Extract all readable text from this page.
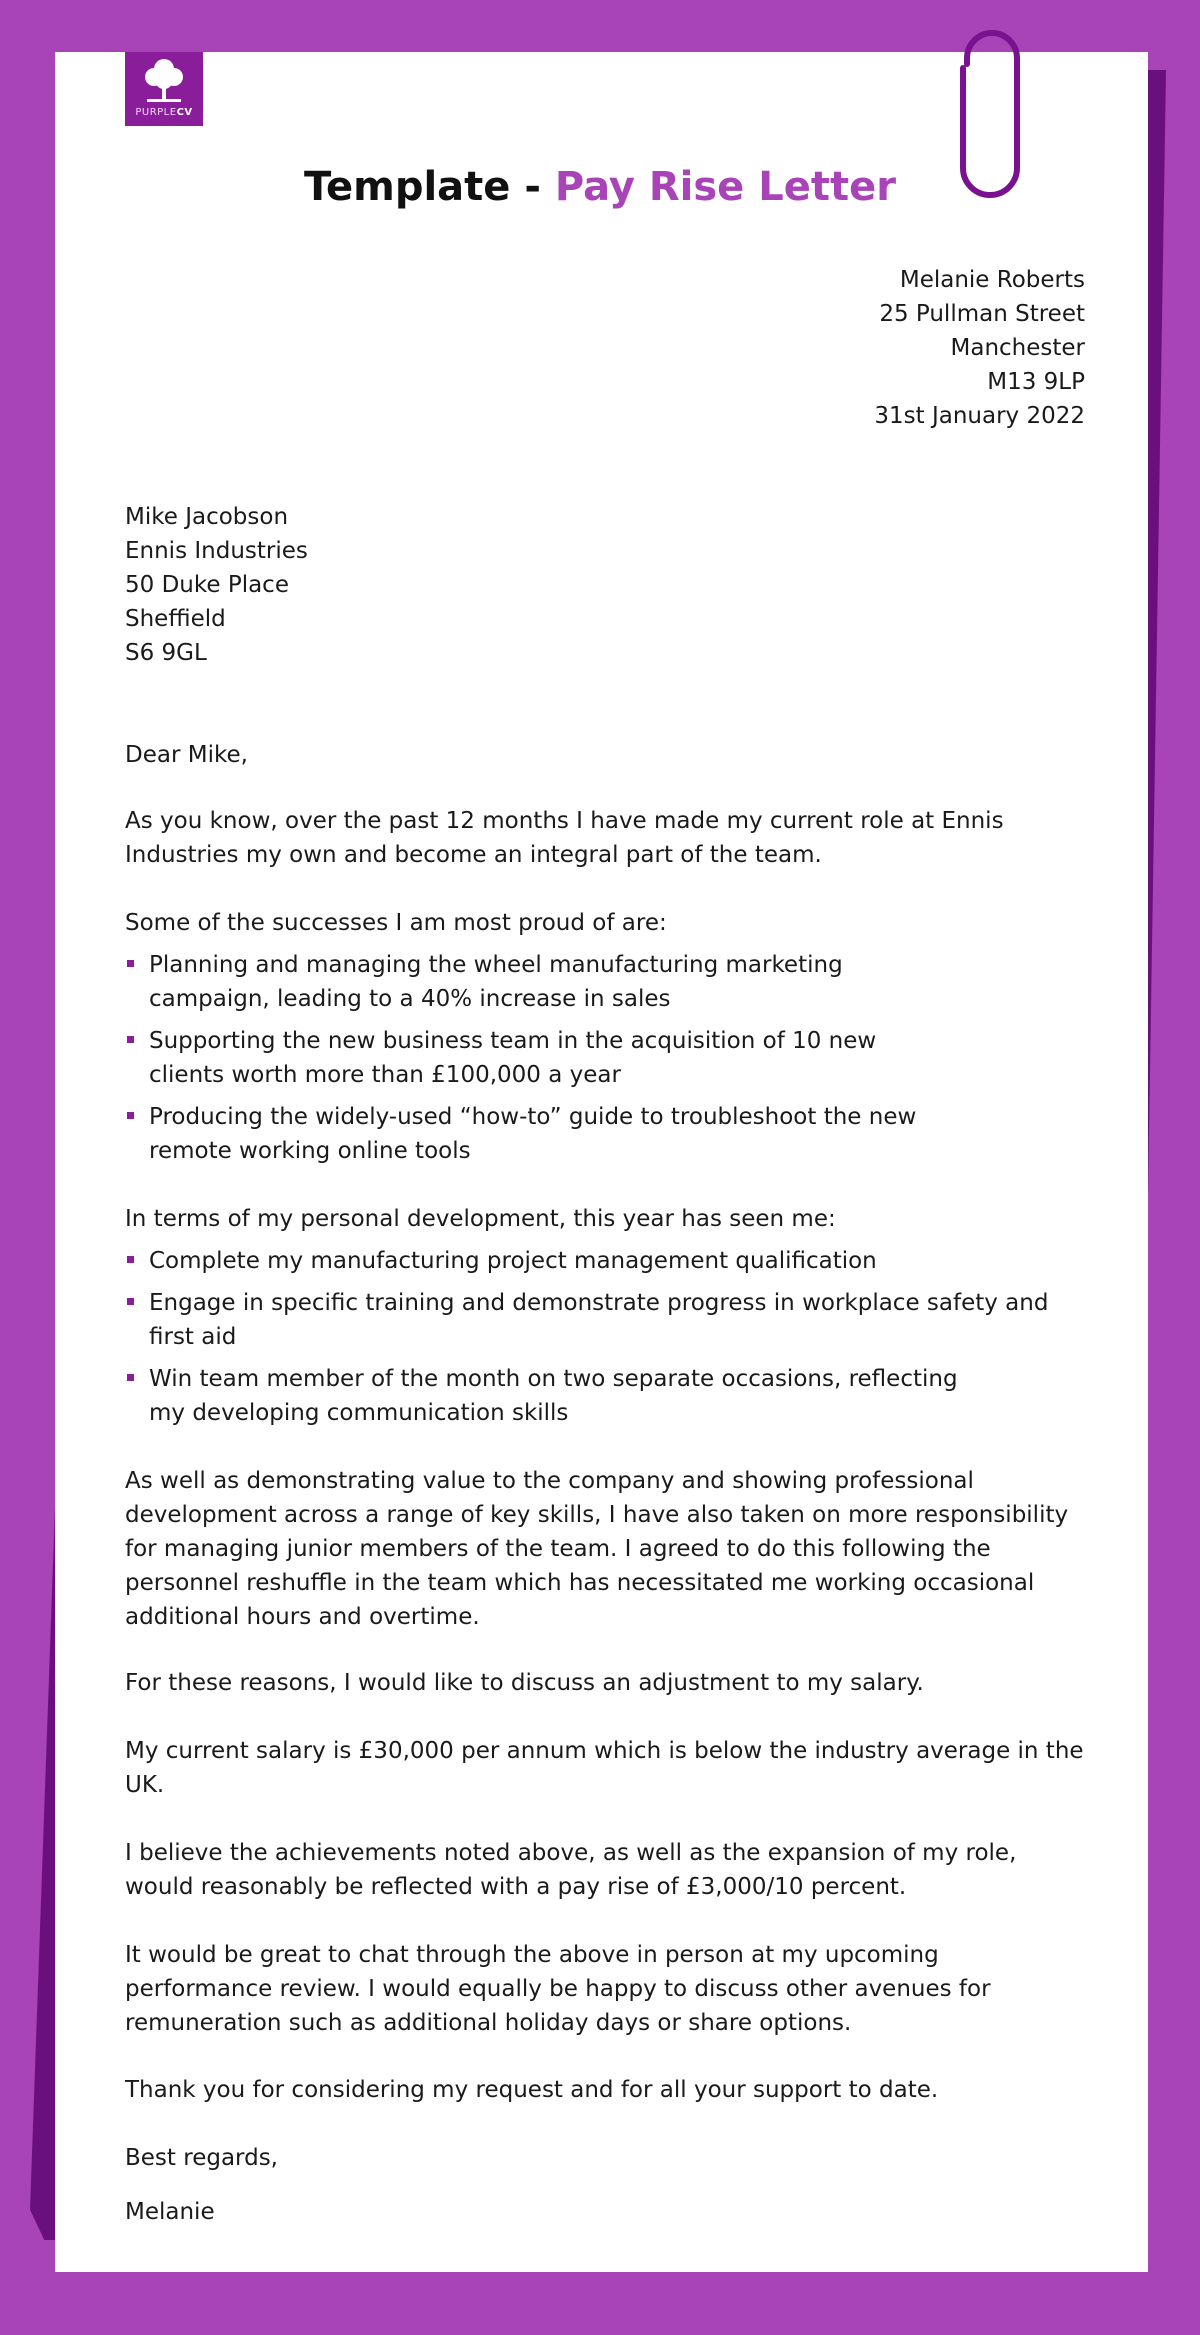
PURPLECV
Template - Pay Rise Letter
Melanie Roberts
25 Pullman Street
Manchester
M13 9LP
31st January 2022
Mike Jacobson
Ennis Industries
50 Duke Place
Sheffield
S6 9GL
Dear Mike,
As you know, over the past 12 months I have made my current role at Ennis Industries my own and become an integral part of the team.
Some of the successes I am most proud of are:
Planning and managing the wheel manufacturing marketing campaign, leading to a 40% increase in sales
Supporting the new business team in the acquisition of 10 new clients worth more than £100,000 a year
Producing the widely-used “how-to” guide to troubleshoot the new remote working online tools
In terms of my personal development, this year has seen me:
Complete my manufacturing project management qualification
Engage in specific training and demonstrate progress in workplace safety and first aid
Win team member of the month on two separate occasions, reflecting my developing communication skills
As well as demonstrating value to the company and showing professional development across a range of key skills, I have also taken on more responsibility for managing junior members of the team. I agreed to do this following the personnel reshuffle in the team which has necessitated me working occasional additional hours and overtime.
For these reasons, I would like to discuss an adjustment to my salary.
My current salary is £30,000 per annum which is below the industry average in the UK.
I believe the achievements noted above, as well as the expansion of my role, would reasonably be reflected with a pay rise of £3,000/10 percent.
It would be great to chat through the above in person at my upcoming performance review. I would equally be happy to discuss other avenues for remuneration such as additional holiday days or share options.
Thank you for considering my request and for all your support to date.
Best regards,
Melanie
